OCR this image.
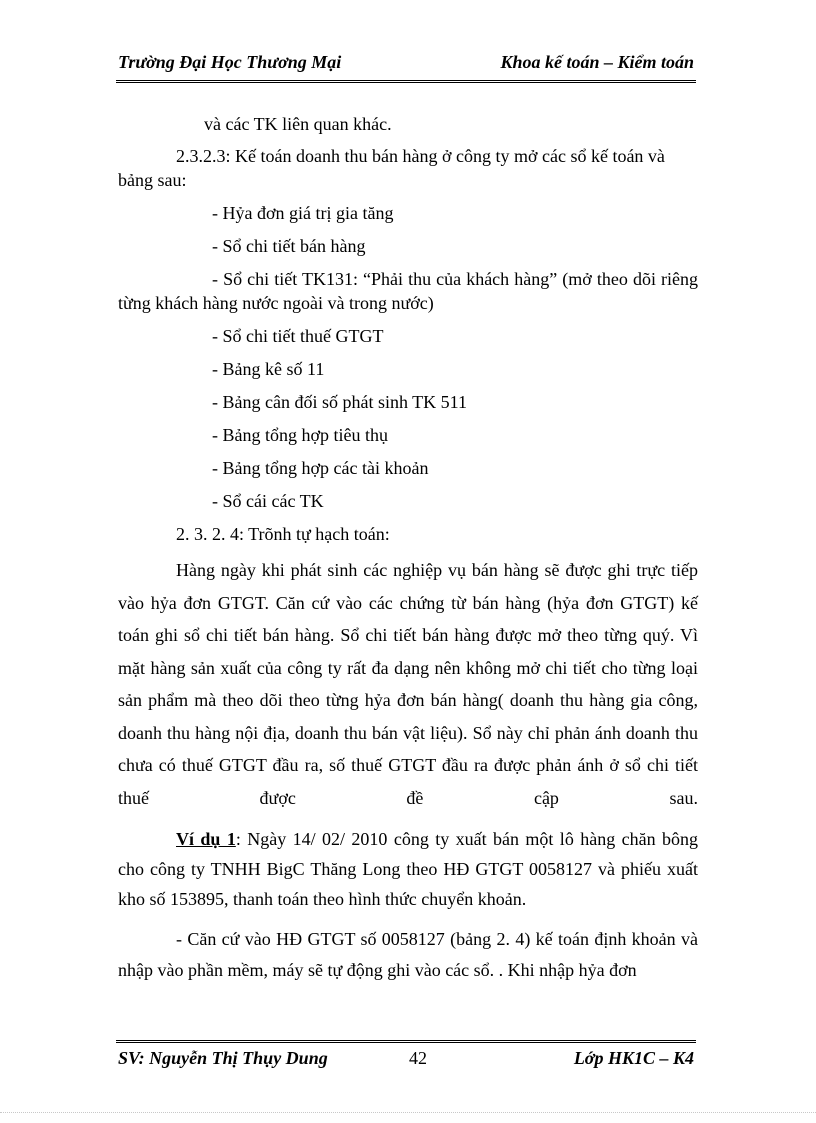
Trường Đại Học Thương Mại	Khoa kế toán – Kiểm toán

và các TK liên quan khác.

2.3.2.3: Kế toán doanh thu bán hàng ở công ty mở các sổ kế toán và bảng sau:

- Hỷa đơn giá trị gia tăng

- Sổ chi tiết bán hàng

- Sổ chi tiết TK131: “Phải thu của khách hàng” (mở theo dõi riêng từng khách hàng nước ngoài và trong nước)

- Sổ chi tiết thuế GTGT

- Bảng kê số 11

- Bảng cân đối số phát sinh TK 511

- Bảng tổng hợp tiêu thụ

- Bảng tổng hợp các tài khoản

- Sổ cái các TK

2. 3. 2. 4: Trõnh tự hạch toán:

Hàng ngày khi phát sinh các nghiệp vụ bán hàng sẽ được ghi trực tiếp vào hỷa đơn GTGT. Căn cứ vào các chứng từ bán hàng (hỷa đơn GTGT) kế toán ghi sổ chi tiết bán hàng. Sổ chi tiết bán hàng được mở theo từng quý. Vì mặt hàng sản xuất của công ty rất đa dạng nên không mở chi tiết cho từng loại sản phẩm mà theo dõi theo từng hỷa đơn bán hàng( doanh thu hàng gia công, doanh thu hàng nội địa, doanh thu bán vật liệu). Sổ này chỉ phản ánh doanh thu chưa có thuế GTGT đầu ra, số thuế GTGT đầu ra được phản ánh ở sổ chi tiết thuế được đề cập sau.

Ví dụ 1: Ngày 14/ 02/ 2010 công ty xuất bán một lô hàng chăn bông cho công ty TNHH BigC Thăng Long theo HĐ GTGT 0058127 và phiếu xuất kho số 153895, thanh toán theo hình thức chuyển khoản.

- Căn cứ vào HĐ GTGT số 0058127 (bảng 2. 4) kế toán định khoản và nhập vào phần mềm, máy sẽ tự động ghi vào các sổ. . Khi nhập hỷa đơn

SV: Nguyễn Thị Thụy Dung	42	Lớp HK1C – K4
